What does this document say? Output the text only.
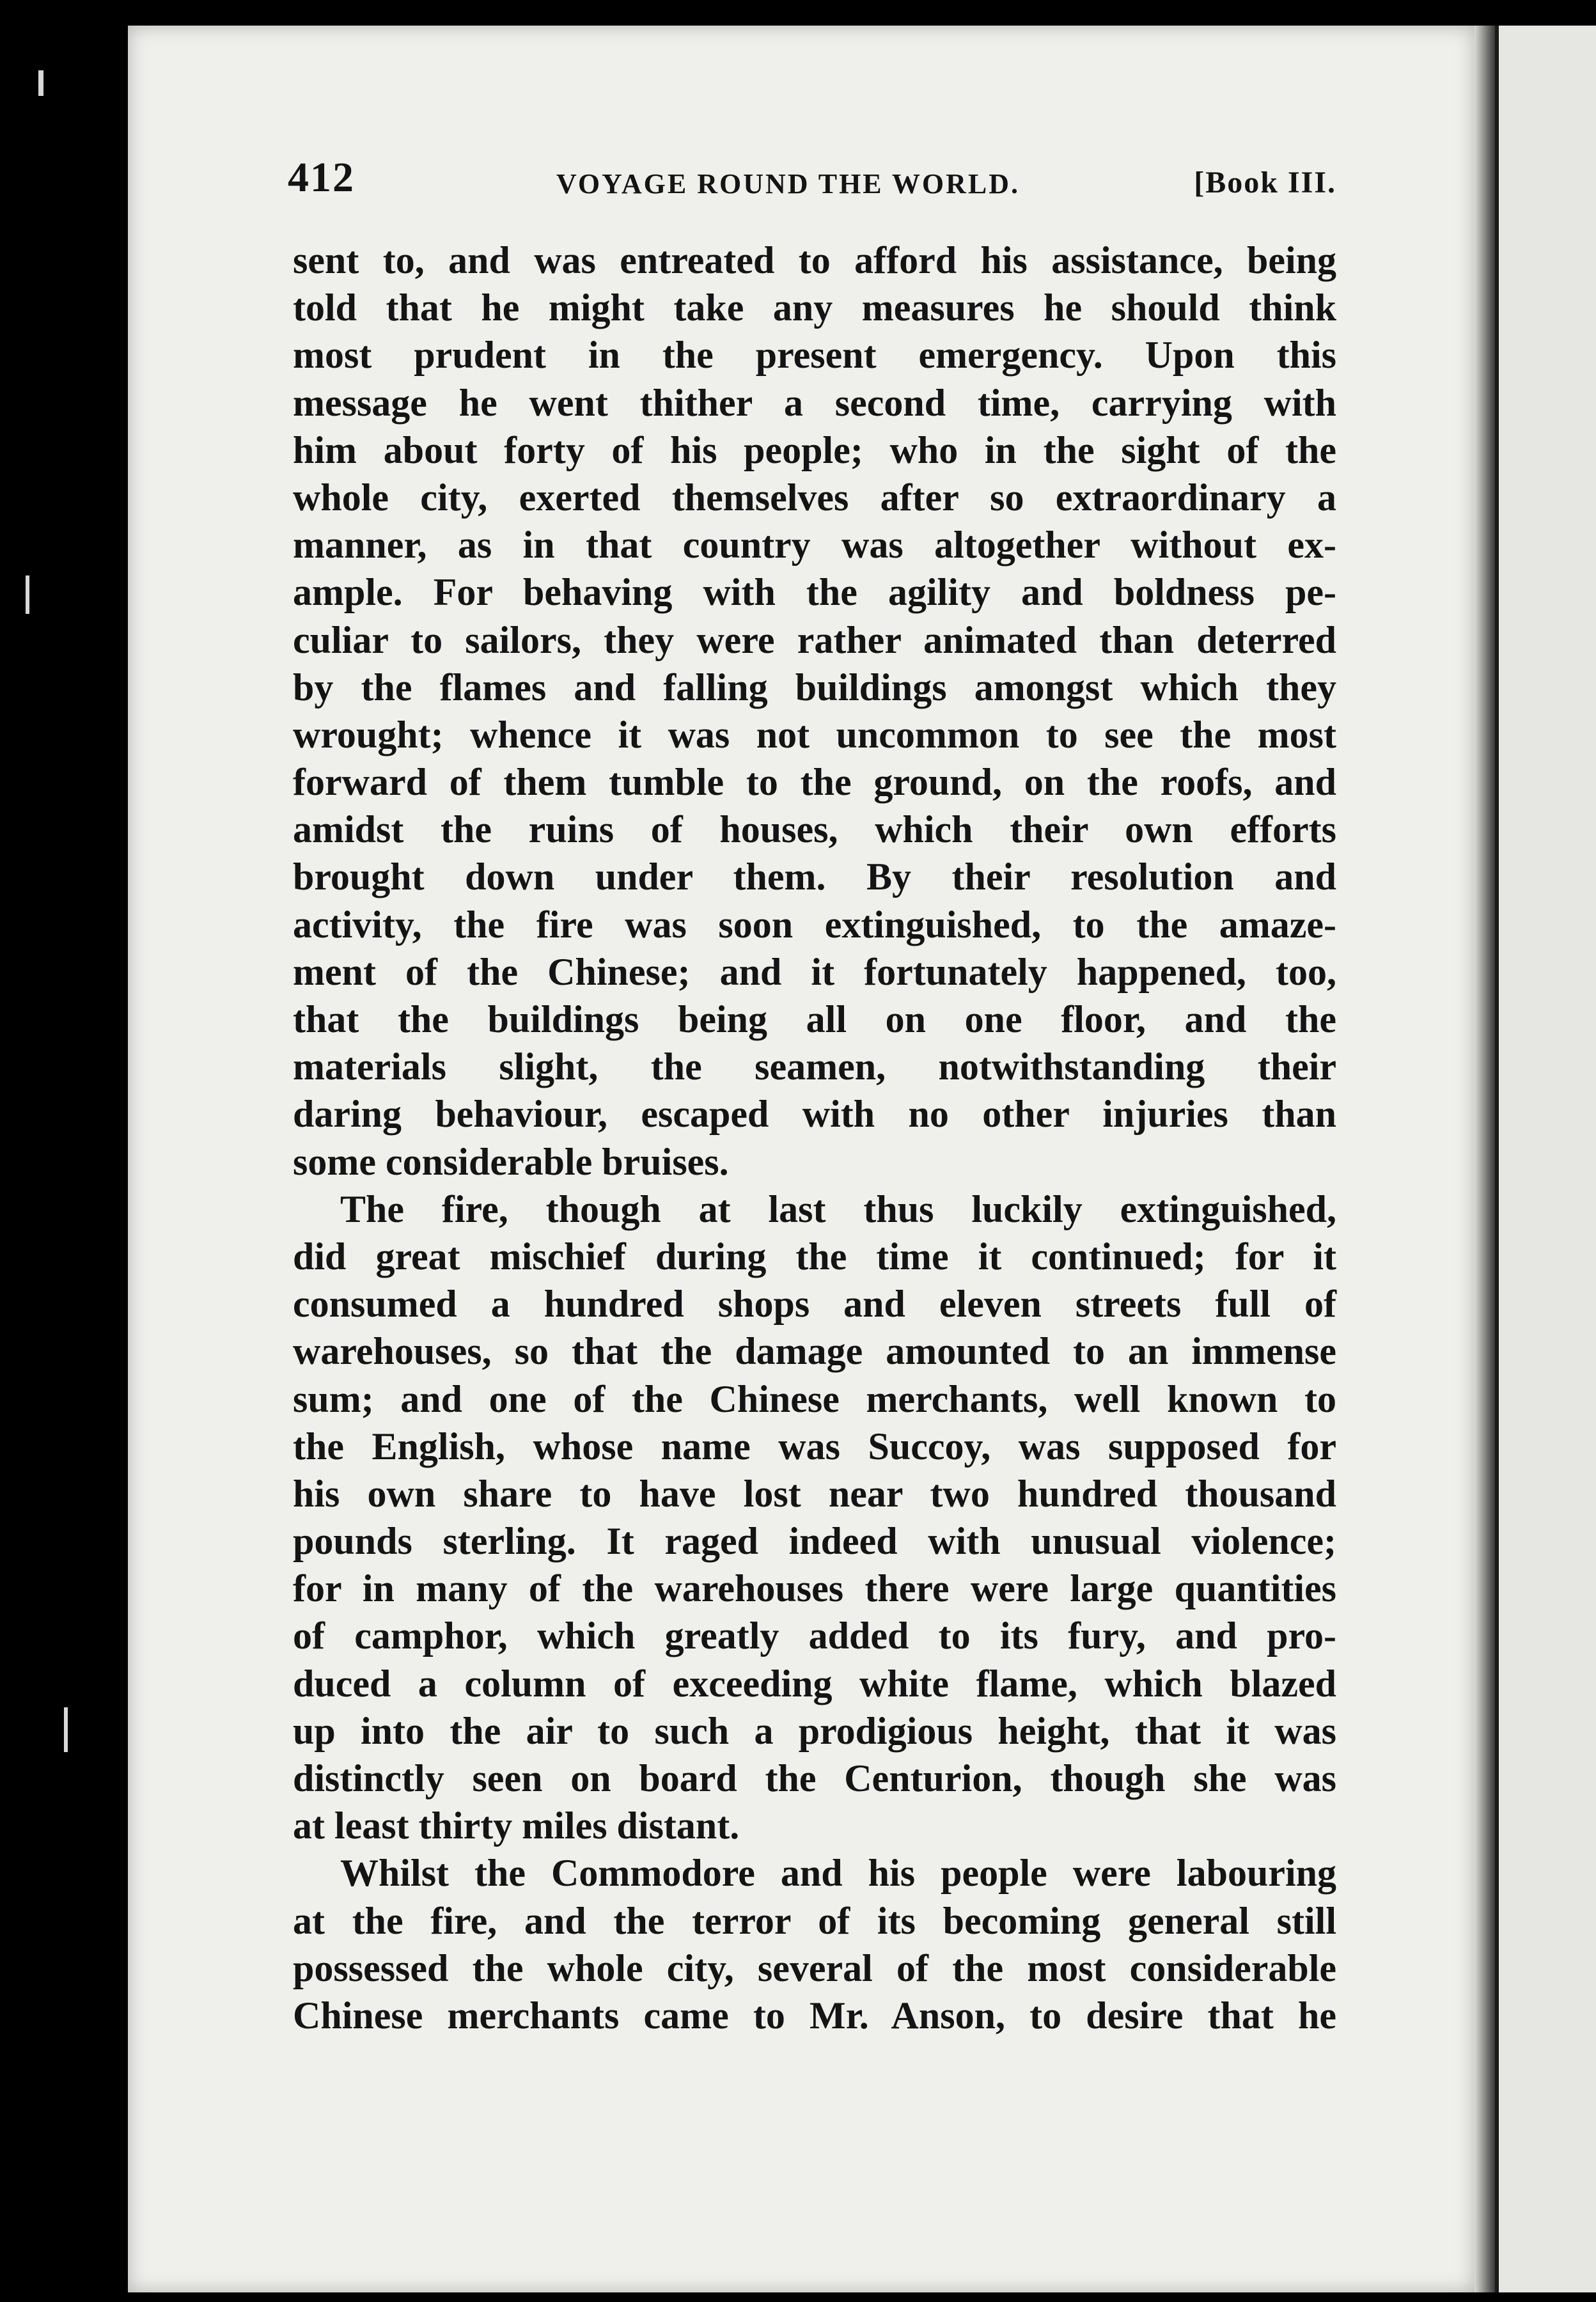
412	VOYAGE ROUND THE WORLD.	[Book III.
sent to, and was entreated to afford his assistance, being
told that he might take any measures he should think
most prudent in the present emergency. Upon this
message he went thither a second time, carrying with
him about forty of his people; who in the sight of the
whole city, exerted themselves after so extraordinary a
manner, as in that country was altogether without ex-
ample. For behaving with the agility and boldness pe-
culiar to sailors, they were rather animated than deterred
by the flames and falling buildings amongst which they
wrought; whence it was not uncommon to see the most
forward of them tumble to the ground, on the roofs, and
amidst the ruins of houses, which their own efforts
brought down under them. By their resolution and
activity, the fire was soon extinguished, to the amaze-
ment of the Chinese; and it fortunately happened, too,
that the buildings being all on one floor, and the
materials slight, the seamen, notwithstanding their
daring behaviour, escaped with no other injuries than
some considerable bruises.
The fire, though at last thus luckily extinguished,
did great mischief during the time it continued; for it
consumed a hundred shops and eleven streets full of
warehouses, so that the damage amounted to an immense
sum; and one of the Chinese merchants, well known to
the English, whose name was Succoy, was supposed for
his own share to have lost near two hundred thousand
pounds sterling. It raged indeed with unusual violence;
for in many of the warehouses there were large quantities
of camphor, which greatly added to its fury, and pro-
duced a column of exceeding white flame, which blazed
up into the air to such a prodigious height, that it was
distinctly seen on board the Centurion, though she was
at least thirty miles distant.
Whilst the Commodore and his people were labouring
at the fire, and the terror of its becoming general still
possessed the whole city, several of the most considerable
Chinese merchants came to Mr. Anson, to desire that he
